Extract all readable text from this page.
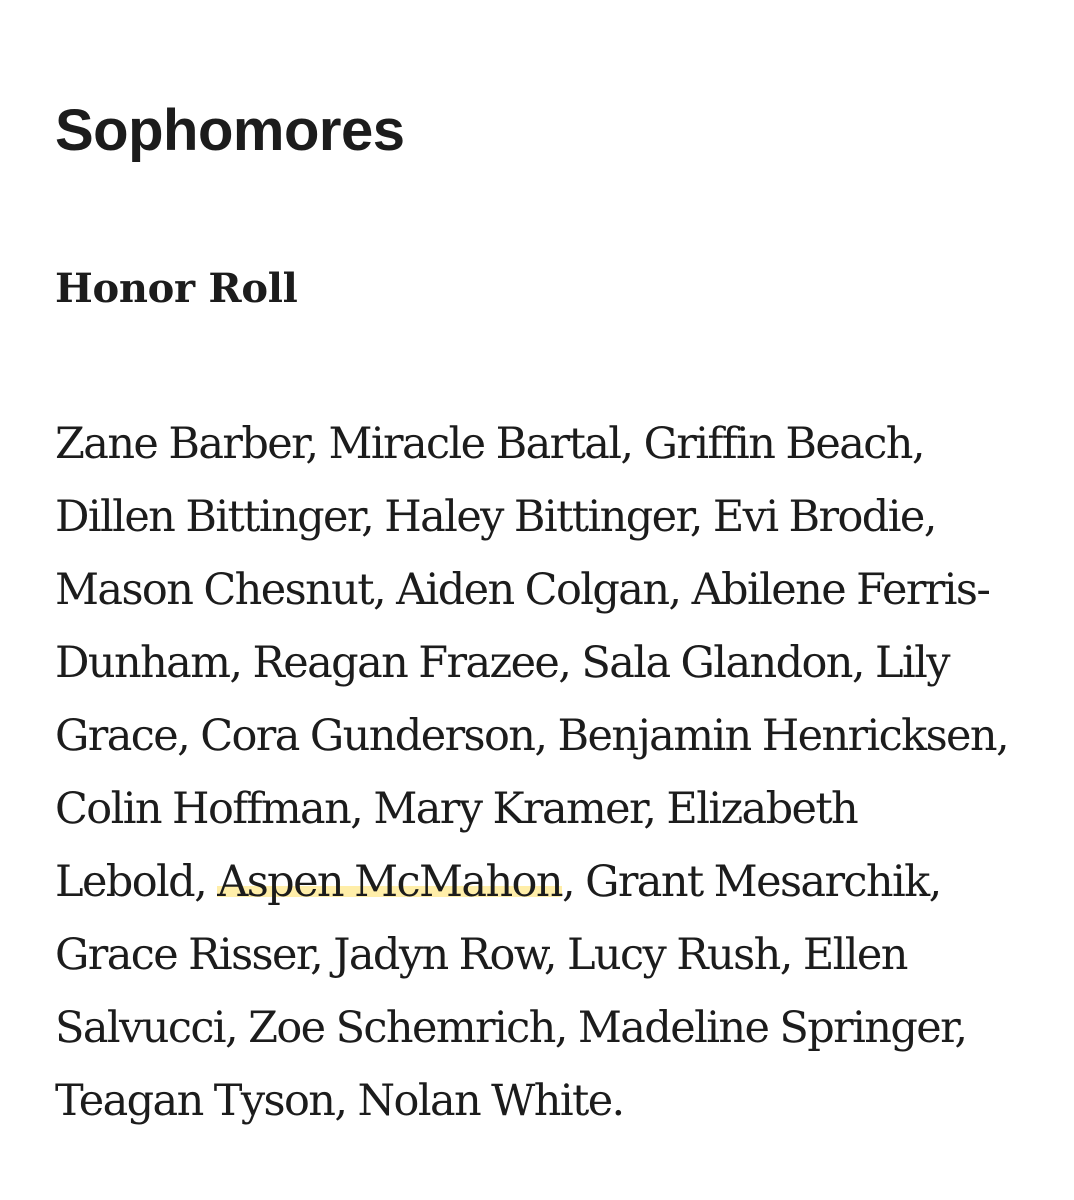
Sophomores
Honor Roll

Zane Barber, Miracle Bartal, Griffin Beach,
Dillen Bittinger, Haley Bittinger, Evi Brodie,
Mason Chesnut, Aiden Colgan, Abilene Ferris-
Dunham, Reagan Frazee, Sala Glandon, Lily
Grace, Cora Gunderson, Benjamin Henricksen,
Colin Hoffman, Mary Kramer, Elizabeth
Lebold, Aspen McMahon, Grant Mesarchik,
Grace Risser, Jadyn Row, Lucy Rush, Ellen
Salvucci, Zoe Schemrich, Madeline Springer,
Teagan Tyson, Nolan White.
